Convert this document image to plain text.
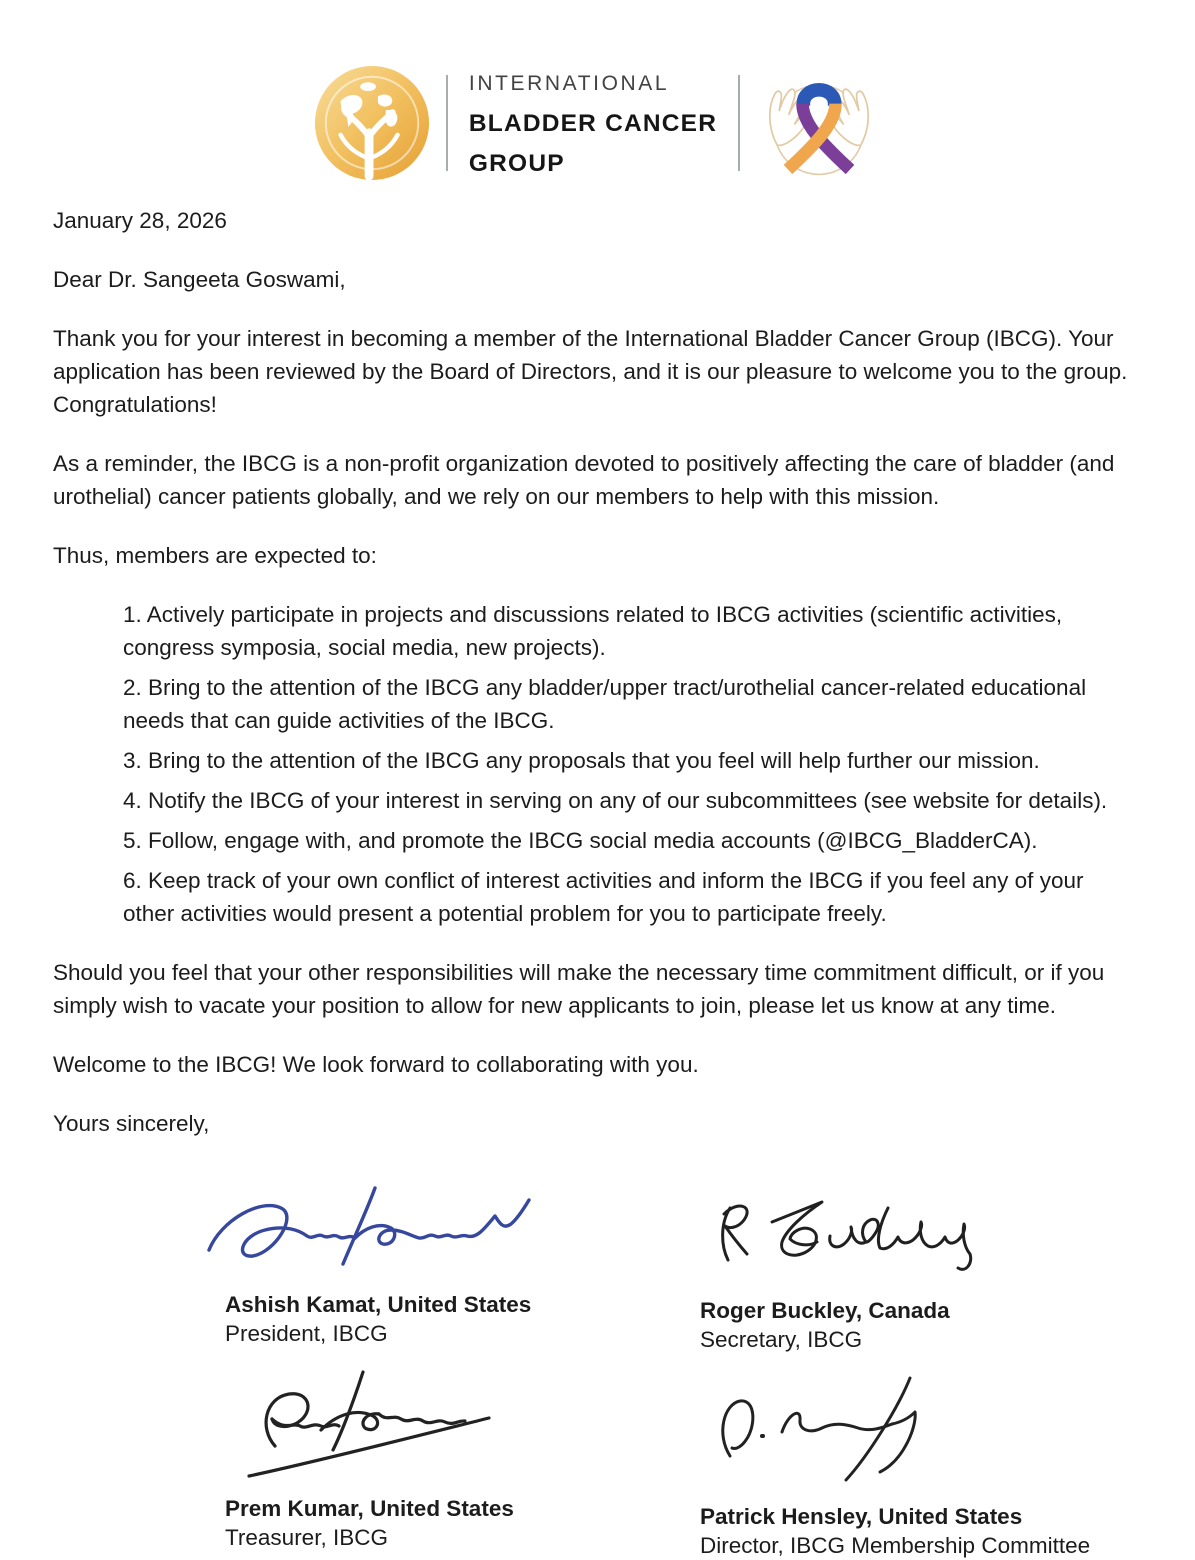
INTERNATIONAL
BLADDER CANCER
GROUP

January 28, 2026

Dear Dr. Sangeeta Goswami,

Thank you for your interest in becoming a member of the International Bladder Cancer Group (IBCG). Your application has been reviewed by the Board of Directors, and it is our pleasure to welcome you to the group. Congratulations!

As a reminder, the IBCG is a non-profit organization devoted to positively affecting the care of bladder (and urothelial) cancer patients globally, and we rely on our members to help with this mission.

Thus, members are expected to:

1. Actively participate in projects and discussions related to IBCG activities (scientific activities, congress symposia, social media, new projects).
2. Bring to the attention of the IBCG any bladder/upper tract/urothelial cancer-related educational needs that can guide activities of the IBCG.
3. Bring to the attention of the IBCG any proposals that you feel will help further our mission.
4. Notify the IBCG of your interest in serving on any of our subcommittees (see website for details).
5. Follow, engage with, and promote the IBCG social media accounts (@IBCG_BladderCA).
6. Keep track of your own conflict of interest activities and inform the IBCG if you feel any of your other activities would present a potential problem for you to participate freely.

Should you feel that your other responsibilities will make the necessary time commitment difficult, or if you simply wish to vacate your position to allow for new applicants to join, please let us know at any time.

Welcome to the IBCG! We look forward to collaborating with you.

Yours sincerely,

Ashish Kamat, United States
President, IBCG
Roger Buckley, Canada
Secretary, IBCG
Prem Kumar, United States
Treasurer, IBCG
Patrick Hensley, United States
Director, IBCG Membership Committee
